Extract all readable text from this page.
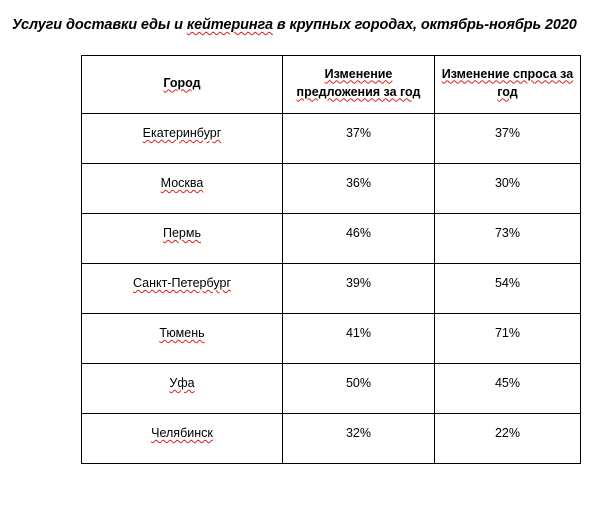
Услуги доставки еды и кейтеринга в крупных городах, октябрь-ноябрь 2020
Город	Изменение предложения за год	Изменение спроса за год
Екатеринбург	37%	37%
Москва	36%	30%
Пермь	46%	73%
Санкт-Петербург	39%	54%
Тюмень	41%	71%
Уфа	50%	45%
Челябинск	32%	22%
